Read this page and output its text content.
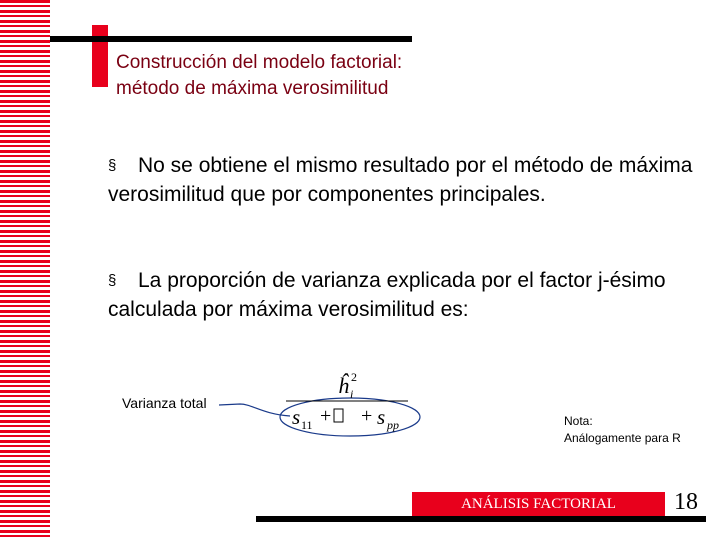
Construcción del modelo factorial:
método de máxima verosimilitud

§ No se obtiene el mismo resultado por el método de máxima verosimilitud que por componentes principales.

§ La proporción de varianza explicada por el factor j-ésimo calculada por máxima verosimilitud es:

Varianza total
ĥ i
2
s 11 + + s pp	Nota:
Análogamente para R
ANÁLISIS FACTORIAL	18
